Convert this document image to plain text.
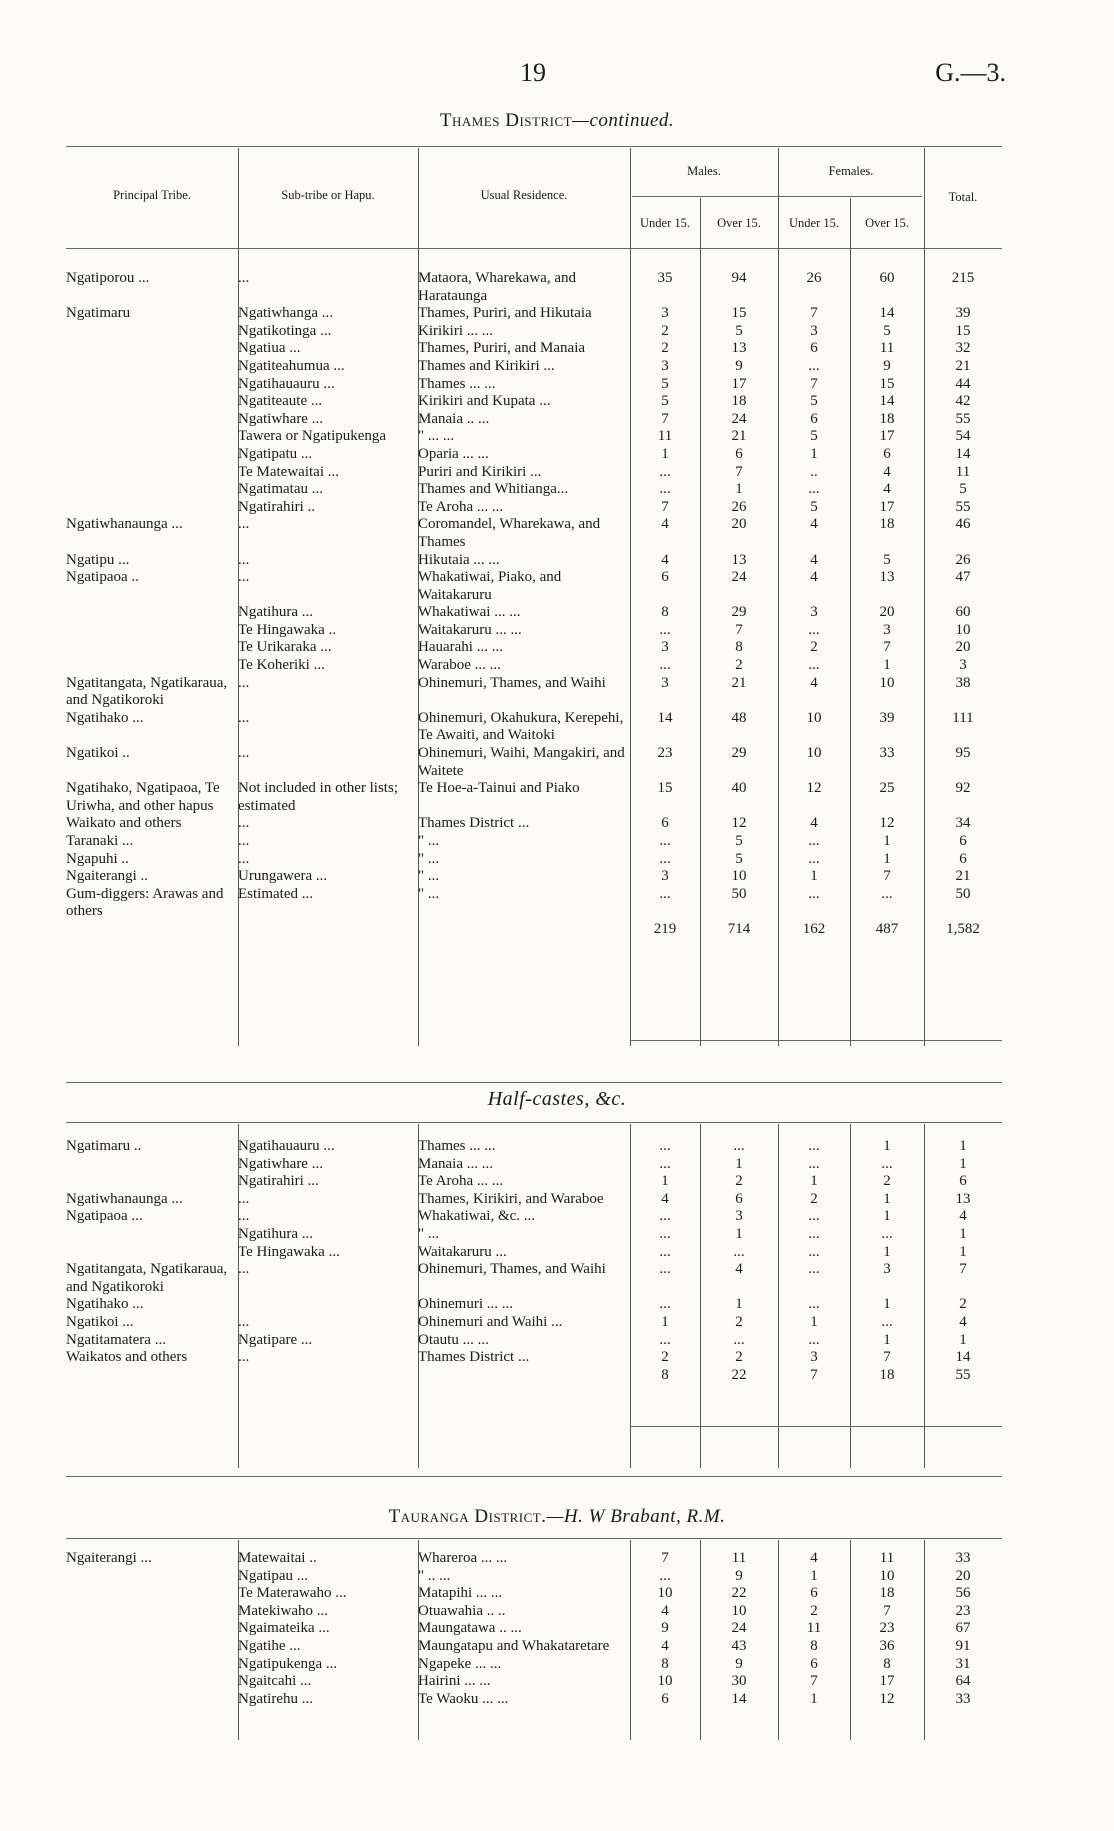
19	G.—3.
Thames District—continued.
Principal Tribe.	Sub-tribe or Hapu.	Usual Residence.
Males.	Females.
Total.
Under 15.	Over 15.	Under 15.	Over 15.
Ngatiporou ...	...	Mataora, Wharekawa, and Harataunga	35	94	26	60	215
Ngatimaru	Ngatiwhanga ...	Thames, Puriri, and Hikutaia	3	15	7	14	39
	Ngatikotinga ...	Kirikiri ... ...	2	5	3	5	15
	Ngatiua ...	Thames, Puriri, and Manaia	2	13	6	11	32
	Ngatiteahumua ...	Thames and Kirikiri ...	3	9	...	9	21
	Ngatihauauru ...	Thames ... ...	5	17	7	15	44
	Ngatiteaute ...	Kirikiri and Kupata ...	5	18	5	14	42
	Ngatiwhare ...	Manaia .. ...	7	24	6	18	55
	Tawera or Ngatipukenga	" ... ...	11	21	5	17	54
	Ngatipatu ...	Oparia ... ...	1	6	1	6	14
	Te Matewaitai ...	Puriri and Kirikiri ...	...	7	..	4	11
	Ngatimatau ...	Thames and Whitianga...	...	1	...	4	5
	Ngatirahiri ..	Te Aroha ... ...	7	26	5	17	55
Ngatiwhanaunga ...	...	Coromandel, Wharekawa, and Thames	4	20	4	18	46
Ngatipu ...	...	Hikutaia ... ...	4	13	4	5	26
Ngatipaoa ..	...	Whakatiwai, Piako, and Waitakaruru	6	24	4	13	47
	Ngatihura ...	Whakatiwai ... ...	8	29	3	20	60
	Te Hingawaka ..	Waitakaruru ... ...	...	7	...	3	10
	Te Urikaraka ...	Hauarahi ... ...	3	8	2	7	20
	Te Koheriki ...	Waraboe ... ...	...	2	...	1	3
Ngatitangata, Ngatikaraua, and Ngatikoroki	...	Ohinemuri, Thames, and Waihi	3	21	4	10	38
Ngatihako ...	...	Ohinemuri, Okahukura, Kerepehi, Te Awaiti, and Waitoki	14	48	10	39	111
Ngatikoi ..	...	Ohinemuri, Waihi, Mangakiri, and Waitete	23	29	10	33	95
Ngatihako, Ngatipaoa, Te Uriwha, and other hapus	Not included in other lists; estimated	Te Hoe-a-Tainui and Piako	15	40	12	25	92
Waikato and others	...	Thames District ...	6	12	4	12	34
Taranaki ...	...	" ...	...	5	...	1	6
Ngapuhi ..	...	" ...	...	5	...	1	6
Ngaiterangi ..	Urungawera ...	" ...	3	10	1	7	21
Gum-diggers: Arawas and others	Estimated ...	" ...	...	50	...	...	50
			219	714	162	487	1,582
Half-castes, &c.
Ngatimaru ..	Ngatihauauru ...	Thames ... ...	...	...	...	1	1
	Ngatiwhare ...	Manaia ... ...	...	1	...	...	1
	Ngatirahiri ...	Te Aroha ... ...	1	2	1	2	6
Ngatiwhanaunga ...	...	Thames, Kirikiri, and Waraboe	4	6	2	1	13
Ngatipaoa ...	...	Whakatiwai, &c. ...	...	3	...	1	4
	Ngatihura ...	" ...	...	1	...	...	1
	Te Hingawaka ...	Waitakaruru ...	...	...	...	1	1
Ngatitangata, Ngatikaraua, and Ngatikoroki	...	Ohinemuri, Thames, and Waihi	...	4	...	3	7
Ngatihako ...		Ohinemuri ... ...	...	1	...	1	2
Ngatikoi ...	...	Ohinemuri and Waihi ...	1	2	1	...	4
Ngatitamatera ...	Ngatipare ...	Otautu ... ...	...	...	...	1	1
Waikatos and others	...	Thames District ...	2	2	3	7	14
			8	22	7	18	55
Tauranga District.—H. W Brabant, R.M.
Ngaiterangi ...	Matewaitai ..	Whareroa ... ...	7	11	4	11	33
	Ngatipau ...	" .. ...	...	9	1	10	20
	Te Materawaho ...	Matapihi ... ...	10	22	6	18	56
	Matekiwaho ...	Otuawahia .. ..	4	10	2	7	23
	Ngaimateika ...	Maungatawa .. ...	9	24	11	23	67
	Ngatihe ...	Maungatapu and Whakataretare	4	43	8	36	91
	Ngatipukenga ...	Ngapeke ... ...	8	9	6	8	31
	Ngaitcahi ...	Hairini ... ...	10	30	7	17	64
	Ngatirehu ...	Te Waoku ... ...	6	14	1	12	33
